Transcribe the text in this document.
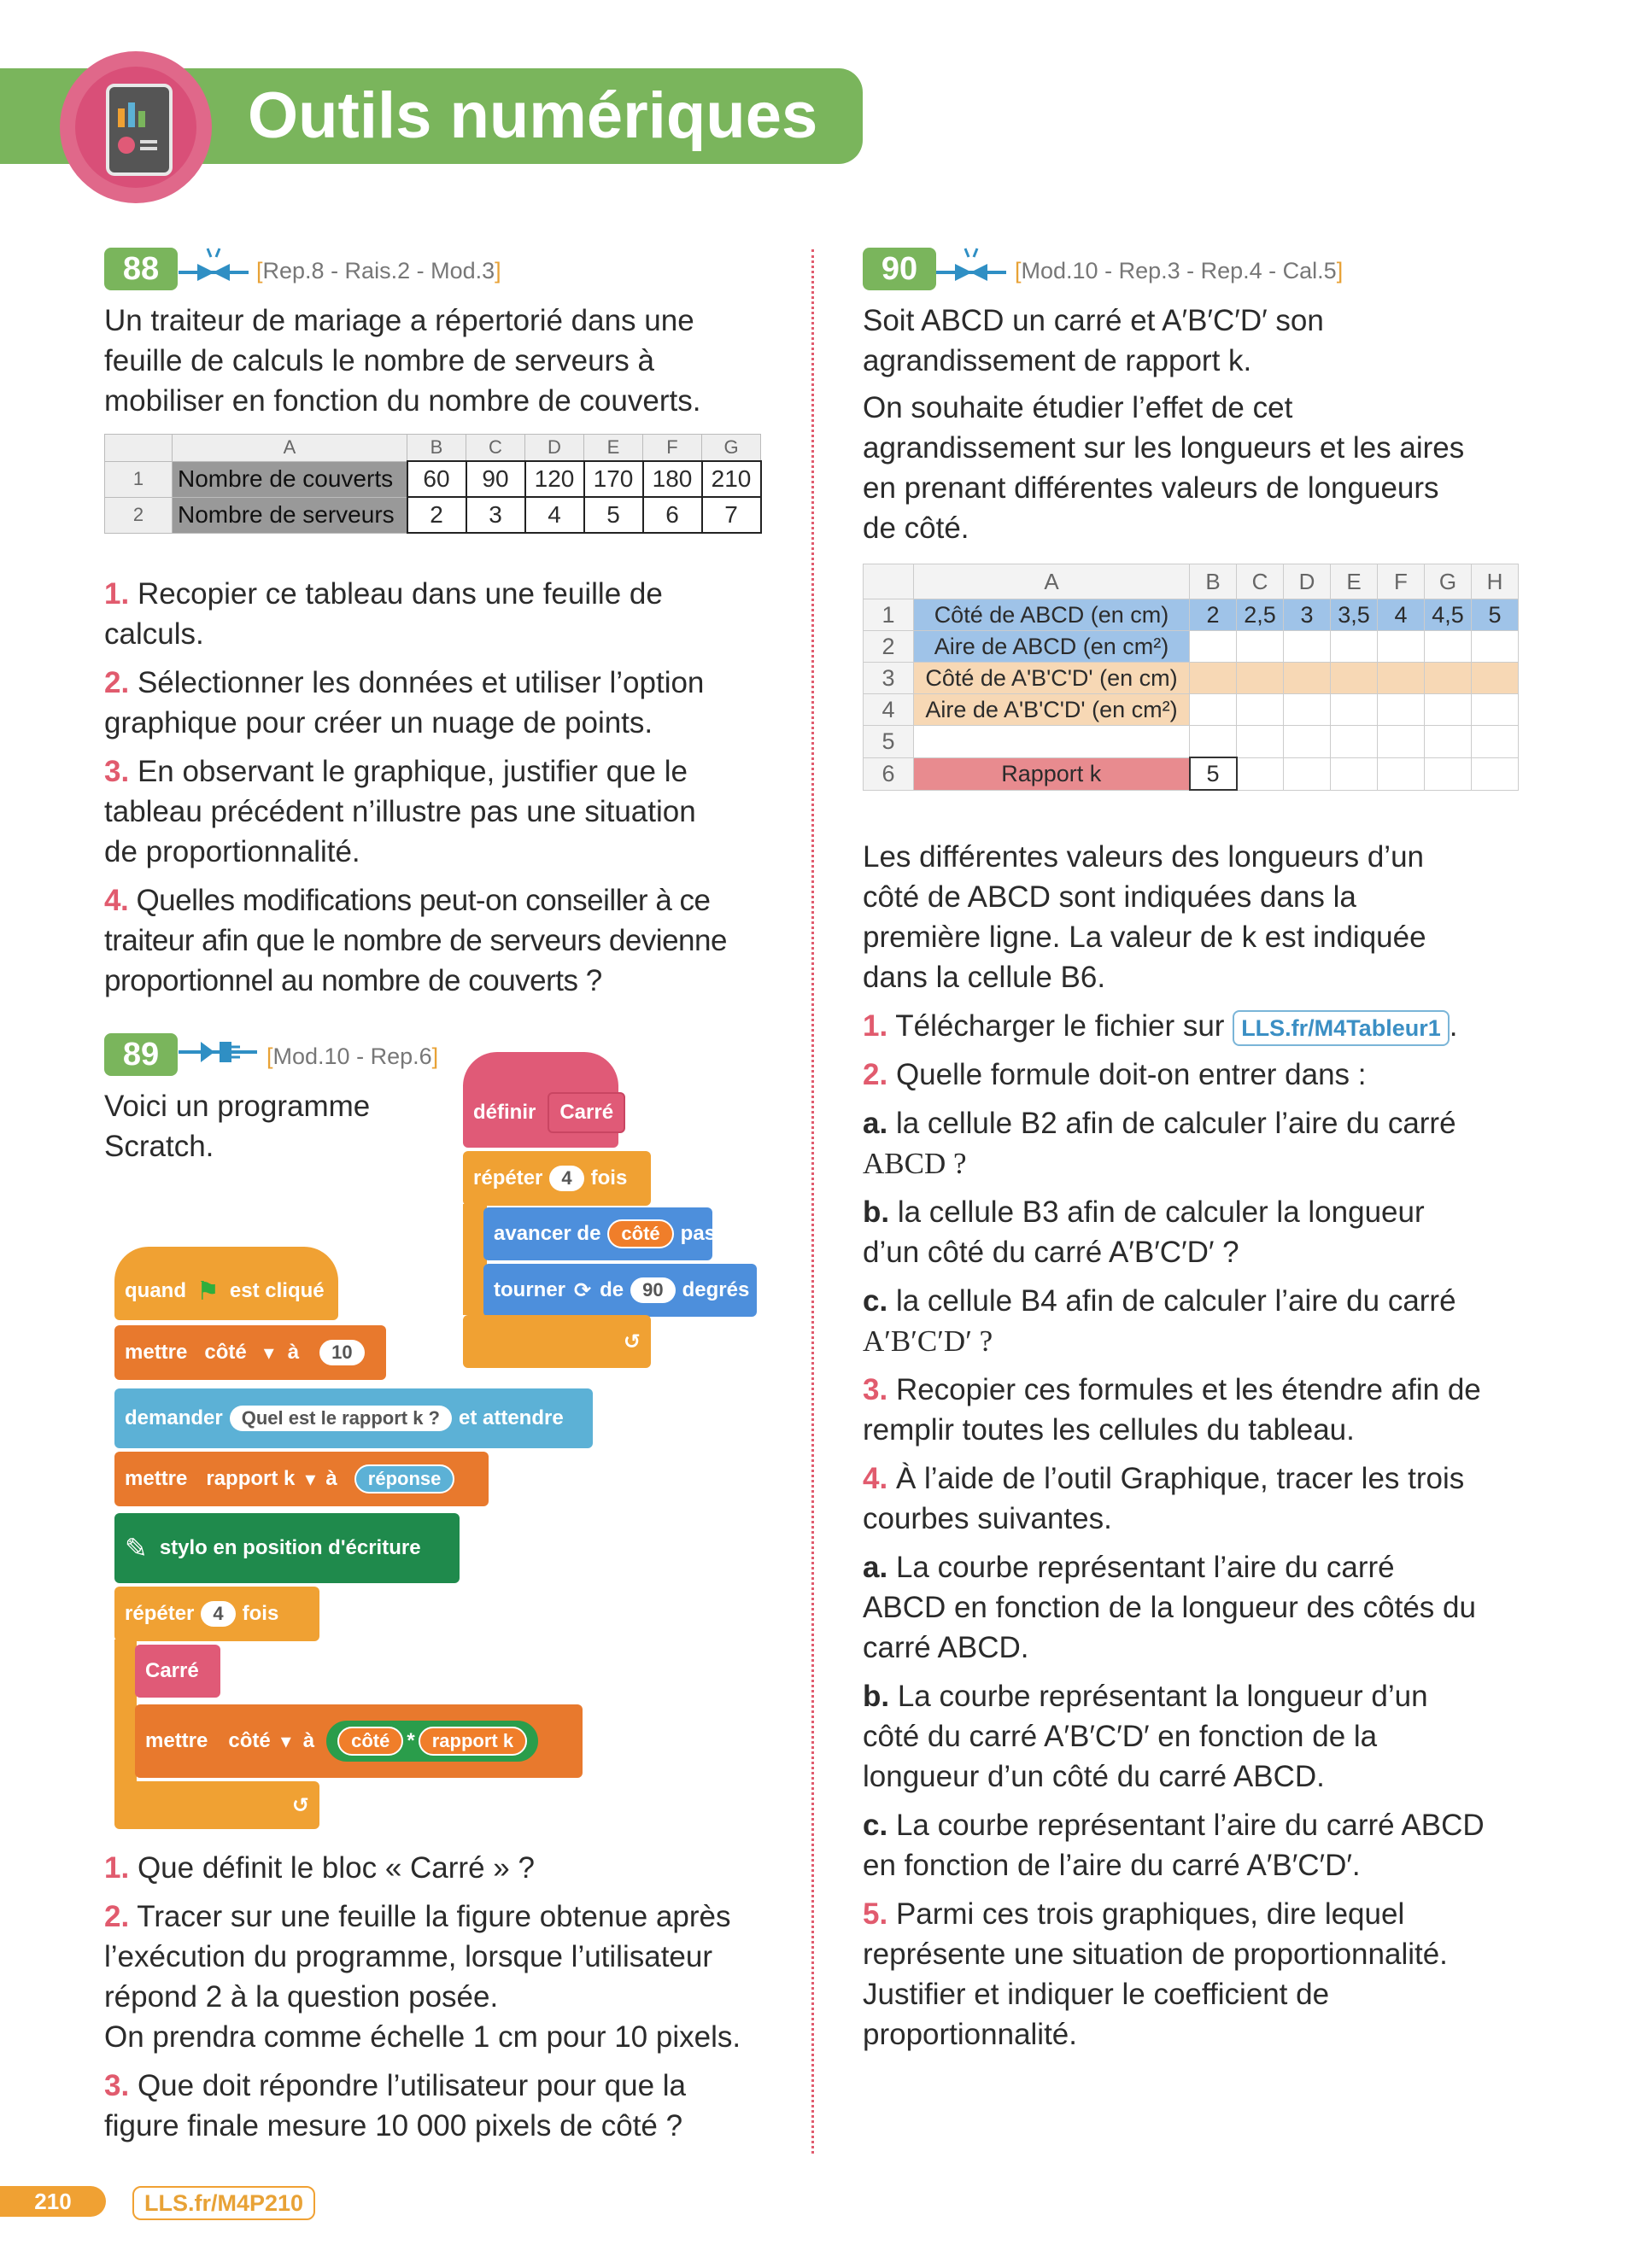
Outils numériques
88	[Rep.8 - Rais.2 - Mod.3]
Un traiteur de mariage a répertorié dans une
feuille de calculs le nombre de serveurs à
mobiliser en fonction du nombre de couverts.
	A	B	C	D	E	F	G
1	Nombre de couverts	60	90	120	170	180	210
2	Nombre de serveurs	2	3	4	5	6	7
1. Recopier ce tableau dans une feuille de
calculs.
2. Sélectionner les données et utiliser l’option
graphique pour créer un nuage de points.
3. En observant le graphique, justifier que le
tableau précédent n’illustre pas une situation
de proportionnalité.
4. Quelles modifications peut-on conseiller à ce
traiteur afin que le nombre de serveurs devienne
proportionnel au nombre de couverts ?
89	[Mod.10 - Rep.6]
Voici un programme
Scratch.
définir	Carré
répéter	4 fois
avancer de	côté	pas
tourner ⟳ de	90 degrés
↺
quand ⚑ est cliqué
mettre côté ▾ à	10
demander	Quel est le rapport k ? et attendre
mettre rapport k ▾ à	réponse
✎ stylo en position d'écriture
répéter	4 fois
Carré
mettre côté ▾ à	côté * rapport k
↺
1. Que définit le bloc « Carré » ?
2. Tracer sur une feuille la figure obtenue après
l’exécution du programme, lorsque l’utilisateur
répond 2 à la question posée.
On prendra comme échelle 1 cm pour 10 pixels.
3. Que doit répondre l’utilisateur pour que la
figure finale mesure 10 000 pixels de côté ?
90	[Mod.10 - Rep.3 - Rep.4 - Cal.5]
Soit ABCD un carré et A′B′C′D′ son
agrandissement de rapport k.
On souhaite étudier l’effet de cet
agrandissement sur les longueurs et les aires
en prenant différentes valeurs de longueurs
de côté.
	A	B	C	D	E	F	G	H
1	Côté de ABCD (en cm)	2	2,5	3	3,5	4	4,5	5
2	Aire de ABCD (en cm²)							
3	Côté de A'B'C'D' (en cm)							
4	Aire de A'B'C'D' (en cm²)							
5								
6	Rapport k	5						
Les différentes valeurs des longueurs d’un
côté de ABCD sont indiquées dans la
première ligne. La valeur de k est indiquée
dans la cellule B6.
1. Télécharger le fichier sur LLS.fr/M4Tableur1 .
2. Quelle formule doit-on entrer dans :
a. la cellule B2 afin de calculer l’aire du carré
ABCD ?
b. la cellule B3 afin de calculer la longueur
d’un côté du carré A′B′C′D′ ?
c. la cellule B4 afin de calculer l’aire du carré
A′B′C′D′ ?
3. Recopier ces formules et les étendre afin de
remplir toutes les cellules du tableau.
4. À l’aide de l’outil Graphique, tracer les trois
courbes suivantes.
a. La courbe représentant l’aire du carré
ABCD en fonction de la longueur des côtés du
carré ABCD.
b. La courbe représentant la longueur d’un
côté du carré A′B′C′D′ en fonction de la
longueur d’un côté du carré ABCD.
c. La courbe représentant l’aire du carré ABCD
en fonction de l’aire du carré A′B′C′D′.
5. Parmi ces trois graphiques, dire lequel
représente une situation de proportionnalité.
Justifier et indiquer le coefficient de
proportionnalité.
210	LLS.fr/M4P210
